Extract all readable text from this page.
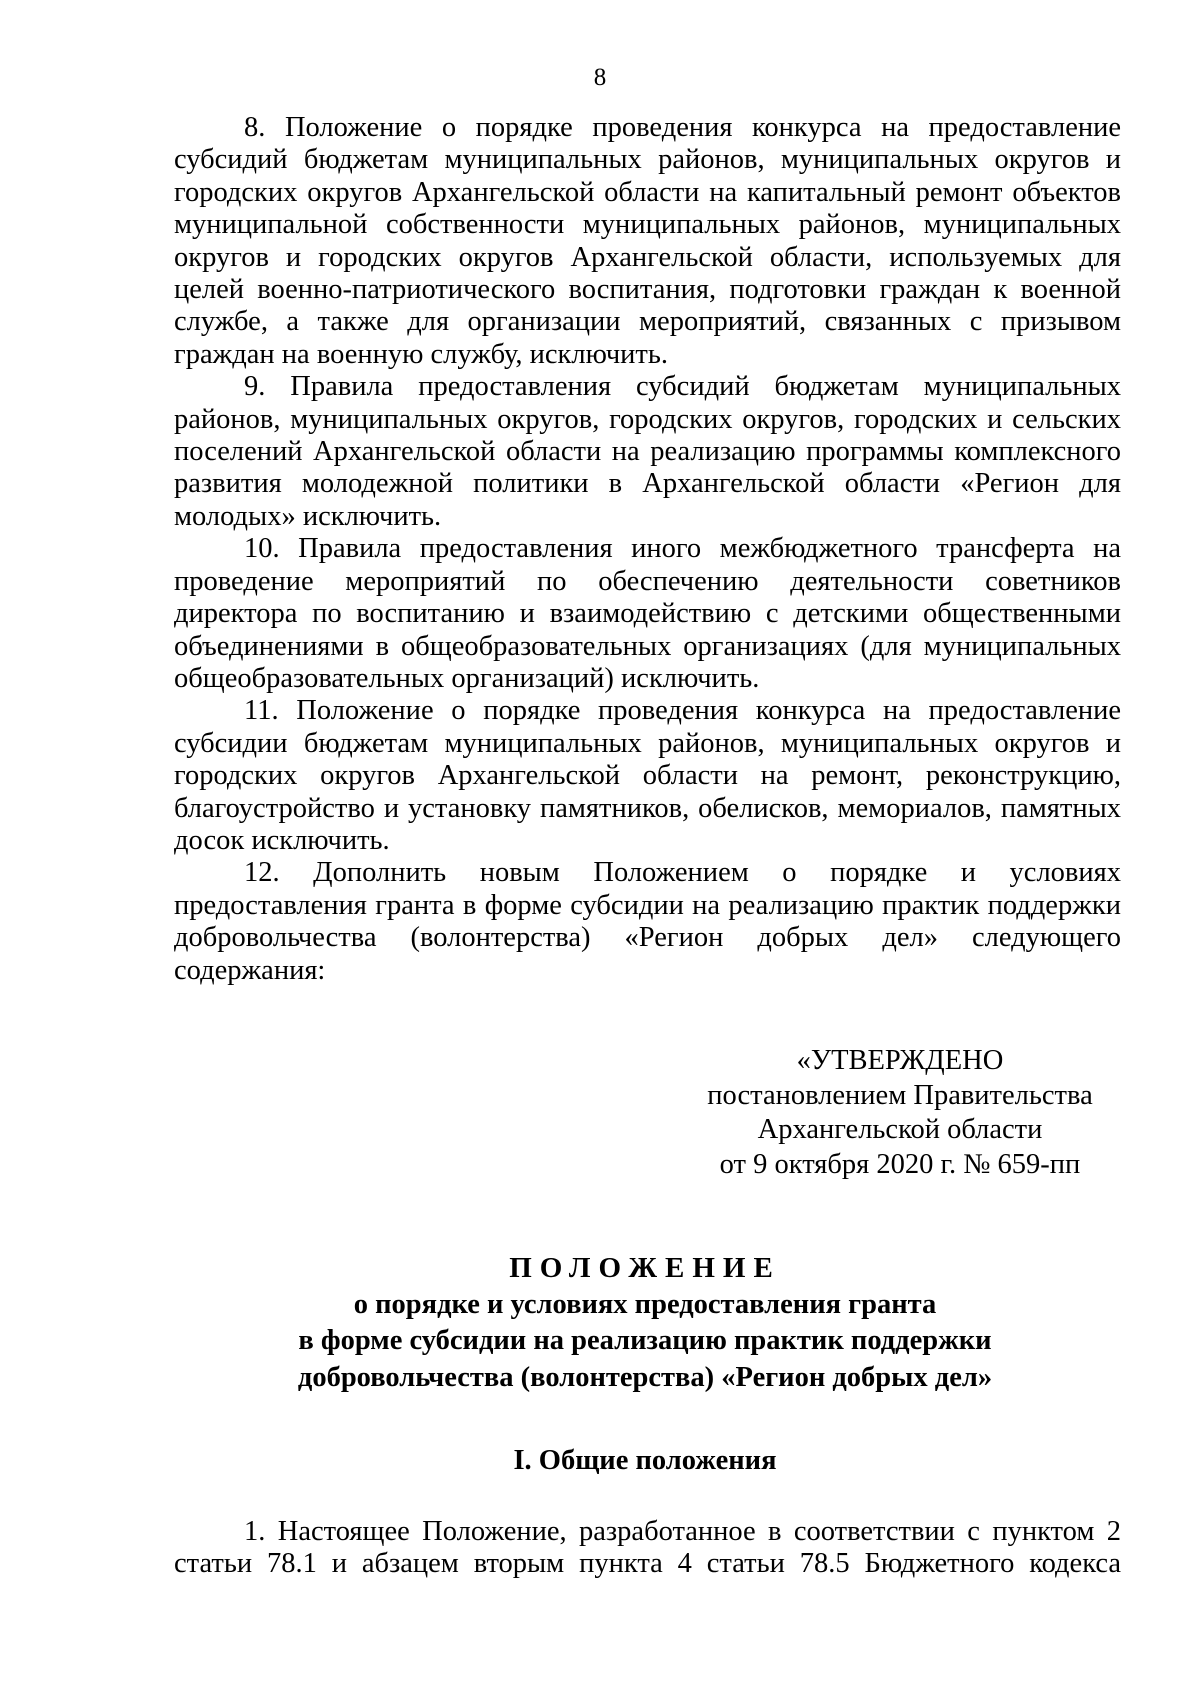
8

8. Положение о порядке проведения конкурса на предоставление субсидий бюджетам муниципальных районов, муниципальных округов и городских округов Архангельской области на капитальный ремонт объектов муниципальной собственности муниципальных районов, муниципальных округов и городских округов Архангельской области, используемых для целей военно-патриотического воспитания, подготовки граждан к военной службе, а также для организации мероприятий, связанных с призывом граждан на военную службу, исключить.

9. Правила предоставления субсидий бюджетам муниципальных районов, муниципальных округов, городских округов, городских и сельских поселений Архангельской области на реализацию программы комплексного развития молодежной политики в Архангельской области «Регион для молодых» исключить.

10. Правила предоставления иного межбюджетного трансферта на проведение мероприятий по обеспечению деятельности советников директора по воспитанию и взаимодействию с детскими общественными объединениями в общеобразовательных организациях (для муниципальных общеобразовательных организаций) исключить.

11. Положение о порядке проведения конкурса на предоставление субсидии бюджетам муниципальных районов, муниципальных округов и городских округов Архангельской области на ремонт, реконструкцию, благоустройство и установку памятников, обелисков, мемориалов, памятных досок исключить.

12. Дополнить новым Положением о порядке и условиях предоставления гранта в форме субсидии на реализацию практик поддержки добровольчества (волонтерства) «Регион добрых дел» следующего содержания:

«УТВЕРЖДЕНО
постановлением Правительства
Архангельской области
от 9 октября 2020 г. № 659-пп
ПОЛОЖЕНИЕ
о порядке и условиях предоставления гранта
в форме субсидии на реализацию практик поддержки
добровольчества (волонтерства) «Регион добрых дел»
I. Общие положения

1. Настоящее Положение, разработанное в соответствии с пунктом 2 статьи 78.1 и абзацем вторым пункта 4 статьи 78.5 Бюджетного кодекса
